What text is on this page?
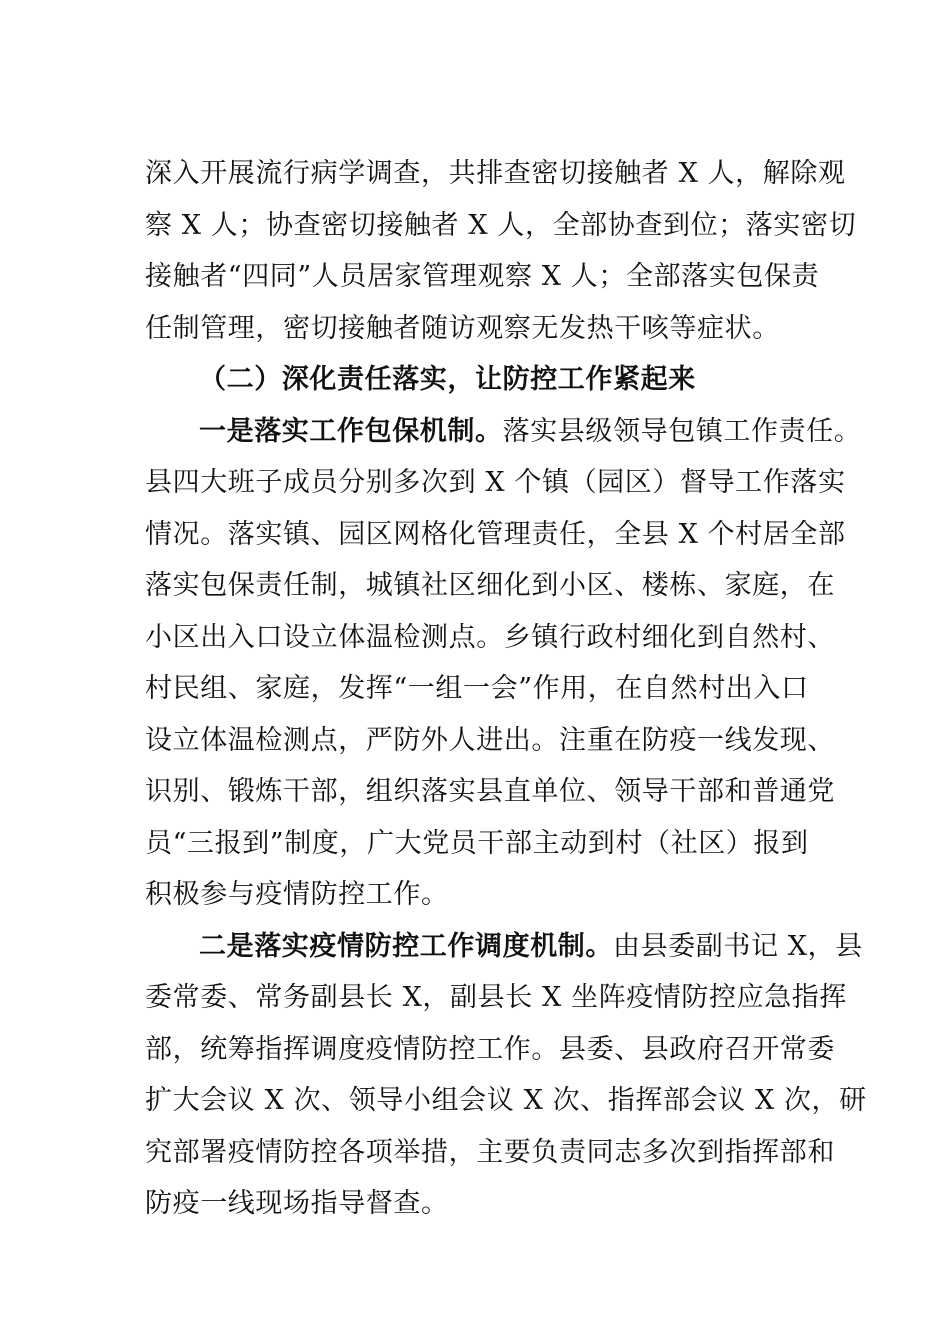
深入开展流行病学调查，共排查密切接触者 X 人，解除观
察 X 人；协查密切接触者 X 人，全部协查到位；落实密切
接触者“四同”人员居家管理观察 X 人；全部落实包保责
任制管理，密切接触者随访观察无发热干咳等症状。
（二）深化责任落实，让防控工作紧起来
一是落实工作包保机制。落实县级领导包镇工作责任。
县四大班子成员分别多次到 X 个镇（园区）督导工作落实
情况。落实镇、园区网格化管理责任，全县 X 个村居全部
落实包保责任制，城镇社区细化到小区、楼栋、家庭，在
小区出入口设立体温检测点。乡镇行政村细化到自然村、
村民组、家庭，发挥“一组一会”作用，在自然村出入口
设立体温检测点，严防外人进出。注重在防疫一线发现、
识别、锻炼干部，组织落实县直单位、领导干部和普通党
员“三报到”制度，广大党员干部主动到村（社区）报到
积极参与疫情防控工作。
二是落实疫情防控工作调度机制。由县委副书记 X，县
委常委、常务副县长 X，副县长 X 坐阵疫情防控应急指挥
部，统筹指挥调度疫情防控工作。县委、县政府召开常委
扩大会议 X 次、领导小组会议 X 次、指挥部会议 X 次，研
究部署疫情防控各项举措，主要负责同志多次到指挥部和
防疫一线现场指导督查。
